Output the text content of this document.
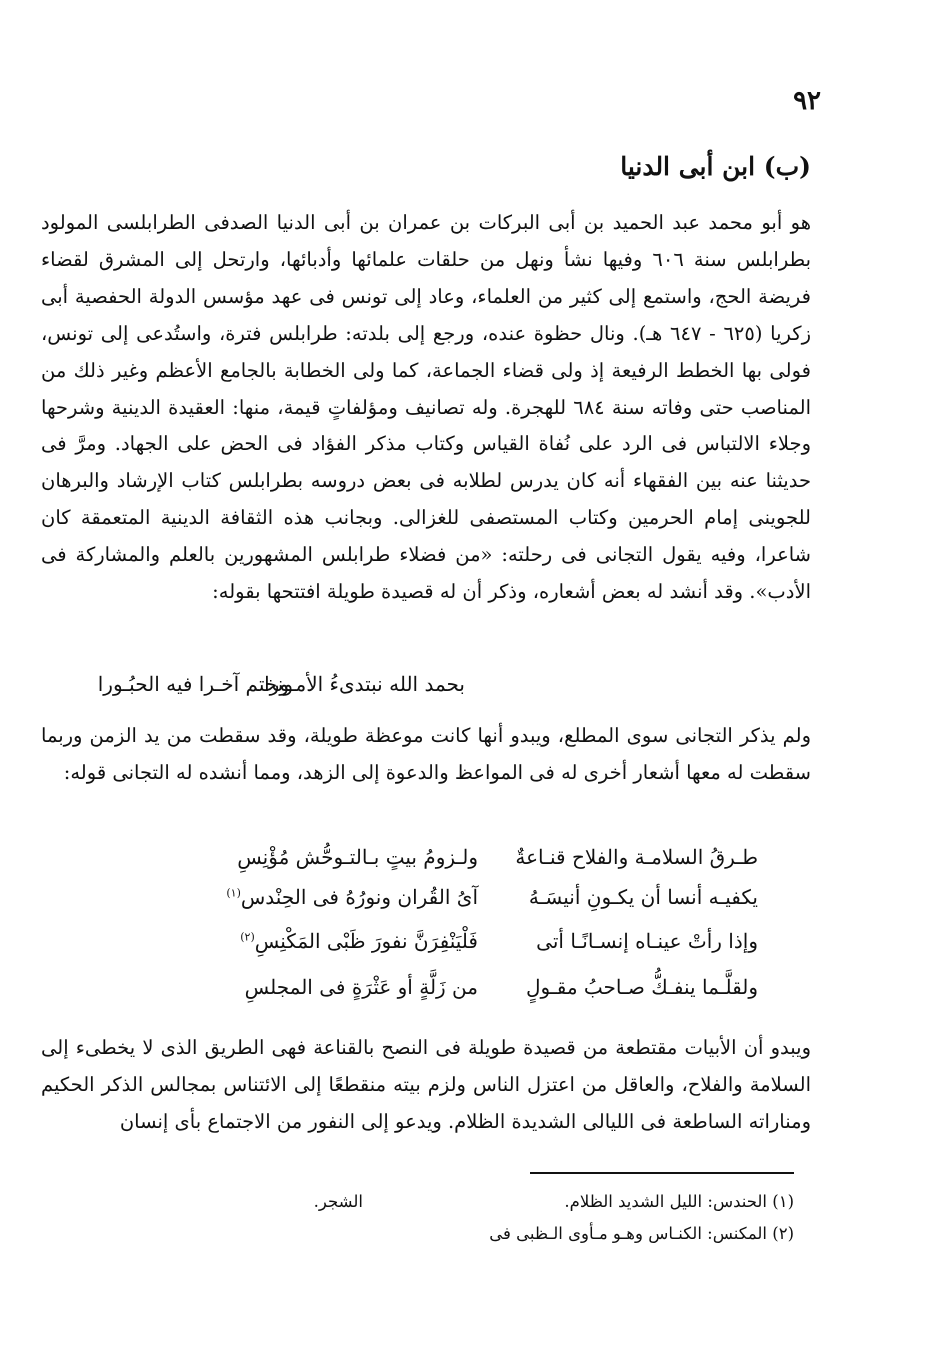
٩٢
(ب) ابن أبى الدنيا
هو أبو محمد عبد الحميد بن أبى البركات بن عمران بن أبى الدنيا الصدفى الطرابلسى المولود بطرابلس سنة ٦٠٦ وفيها نشأ ونهل من حلقات علمائها وأدبائها، وارتحل إلى المشرق لقضاء فريضة الحج، واستمع إلى كثير من العلماء، وعاد إلى تونس فى عهد مؤسس الدولة الحفصية أبى زكريا (٦٢٥ - ٦٤٧ هـ). ونال حظوة عنده، ورجع إلى بلدته: طرابلس فترة، واستُدعى إلى تونس، فولى بها الخطط الرفيعة إذ ولى قضاء الجماعة، كما ولى الخطابة بالجامع الأعظم وغير ذلك من المناصب حتى وفاته سنة ٦٨٤ للهجرة. وله تصانيف ومؤلفاتٍ قيمة، منها: العقيدة الدينية وشرحها وجلاء الالتباس فى الرد على نُفاة القياس وكتاب مذكر الفؤاد فى الحض على الجهاد. ومرَّ فى حديثنا عنه بين الفقهاء أنه كان يدرس لطلابه فى بعض دروسه بطرابلس كتاب الإرشاد والبرهان للجوينى إمام الحرمين وكتاب المستصفى للغزالى. وبجانب هذه الثقافة الدينية المتعمقة كان شاعرا، وفيه يقول التجانى فى رحلته: «من فضلاء طرابلس المشهورين بالعلم والمشاركة فى الأدب». وقد أنشد له بعض أشعاره، وذكر أن له قصيدة طويلة افتتحها بقوله:
بحمد الله نبتدىءُ الأمـورا
ونختم آخـرا فيه الحبُـورا
ولم يذكر التجانى سوى المطلع، ويبدو أنها كانت موعظة طويلة، وقد سقطت من يد الزمن وربما سقطت له معها أشعار أخرى له فى المواعظ والدعوة إلى الزهد، ومما أنشده له التجانى قوله:
طـرقُ السلامـة والفلاح قنـاعةٌ
ولـزومُ بيتٍ بـالتـوحُّش مُؤْنِسِ
يكفيـه أنسا أن يكـونِ أنيسَـهُ
آىُ القُران ونورُهُ فى الحِنْدس$^{(١)}$
وإذا رأتْ عينـاه إنسـانًـا أتى
فَلْيَنْفِرَنَّ نفورَ ظَبْى المَكْنِسِ$^{(٢)}$
ولقلَّـما ينفـكُّ صـاحبُ مقـولٍ
من زَلَّةٍ أو عَثْرَةٍ فى المجلسِ
ويبدو أن الأبيات مقتطعة من قصيدة طويلة فى النصح بالقناعة فهى الطريق الذى لا يخطىء إلى السلامة والفلاح، والعاقل من اعتزل الناس ولزم بيته منقطعًا إلى الائتناس بمجالس الذكر الحكيم ومناراته الساطعة فى الليالى الشديدة الظلام. ويدعو إلى النفور من الاجتماع بأى إنسان
(١) الحندس: الليل الشديد الظلام.
الشجر.
(٢) المكنس: الكنـاس وهـو مـأوى الـظبى فى
